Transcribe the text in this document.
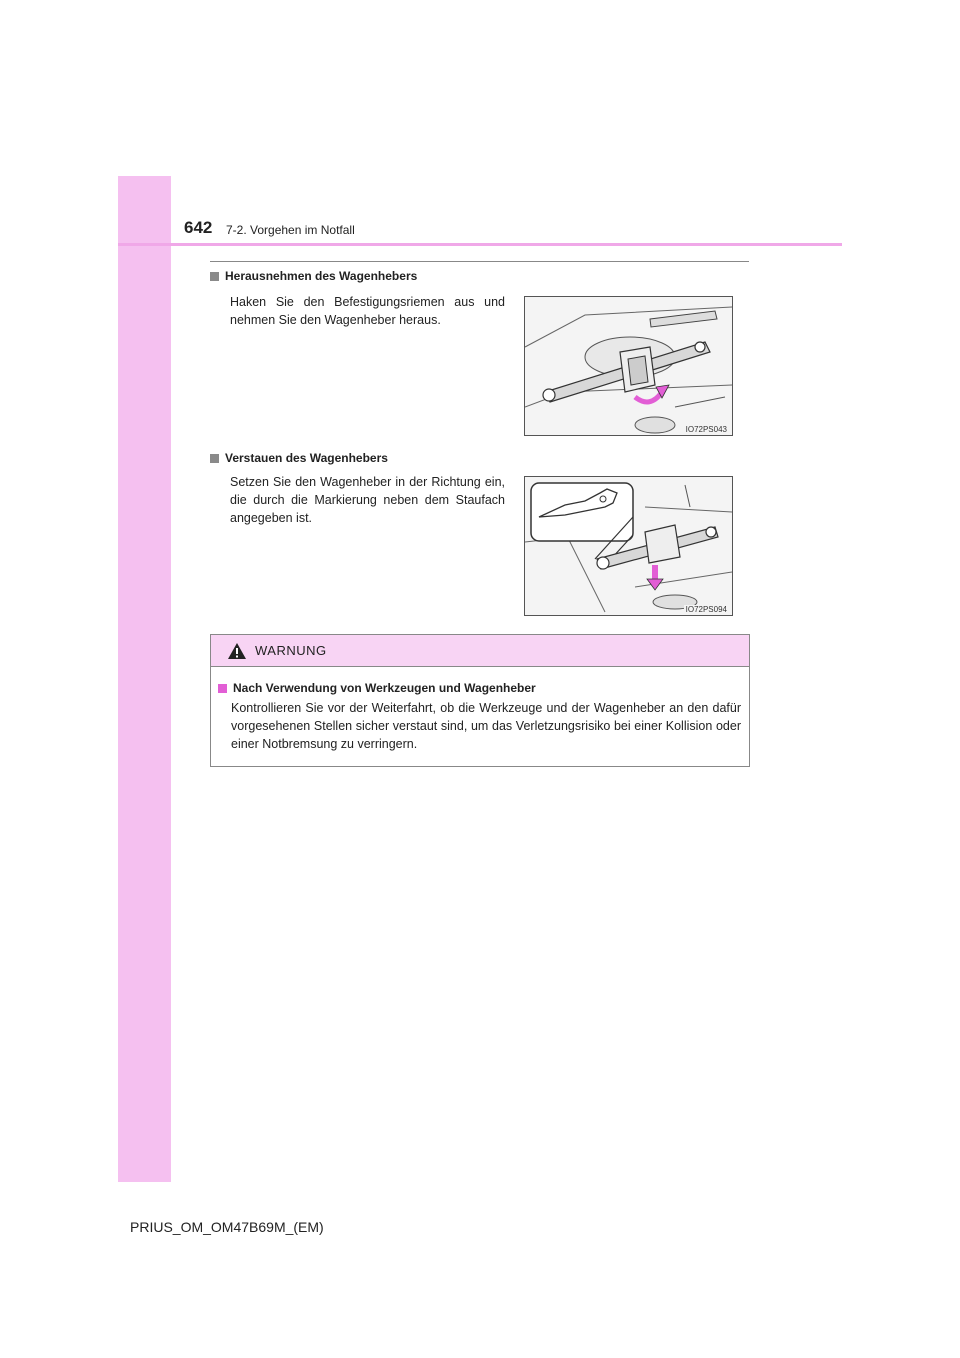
642 7-2. Vorgehen im Notfall
Herausnehmen des Wagenhebers
Haken Sie den Befestigungsriemen aus und nehmen Sie den Wagenheber heraus.
IO72PS043
Verstauen des Wagenhebers
Setzen Sie den Wagenheber in der Richtung ein, die durch die Markierung neben dem Staufach angegeben ist.
IO72PS094
WARNUNG
Nach Verwendung von Werkzeugen und Wagenheber
Kontrollieren Sie vor der Weiterfahrt, ob die Werkzeuge und der Wagenheber an den dafür vorgesehenen Stellen sicher verstaut sind, um das Verletzungsrisiko bei einer Kollision oder einer Notbremsung zu verringern.
PRIUS_OM_OM47B69M_(EM)
